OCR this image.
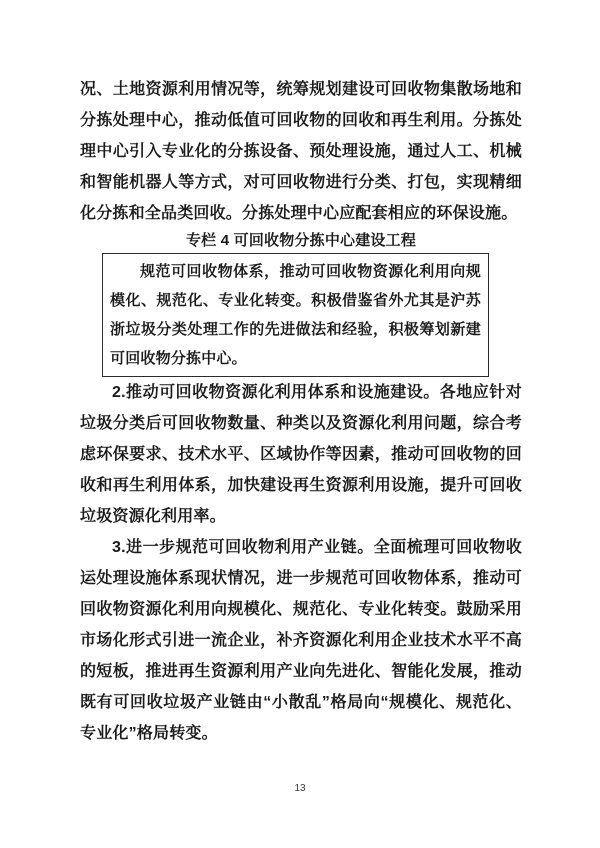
况、土地资源利用情况等，统筹规划建设可回收物集散场地和分拣处理中心，推动低值可回收物的回收和再生利用。分拣处理中心引入专业化的分拣设备、预处理设施，通过人工、机械和智能机器人等方式，对可回收物进行分类、打包，实现精细化分拣和全品类回收。分拣处理中心应配套相应的环保设施。

专栏 4 可回收物分拣中心建设工程

规范可回收物体系，推动可回收物资源化利用向规模化、规范化、专业化转变。积极借鉴省外尤其是沪苏浙垃圾分类处理工作的先进做法和经验，积极筹划新建可回收物分拣中心。

2.推动可回收物资源化利用体系和设施建设。各地应针对垃圾分类后可回收物数量、种类以及资源化利用问题，综合考虑环保要求、技术水平、区域协作等因素，推动可回收物的回收和再生利用体系，加快建设再生资源利用设施，提升可回收垃圾资源化利用率。

3.进一步规范可回收物利用产业链。全面梳理可回收物收运处理设施体系现状情况，进一步规范可回收物体系，推动可回收物资源化利用向规模化、规范化、专业化转变。鼓励采用市场化形式引进一流企业，补齐资源化利用企业技术水平不高的短板，推进再生资源利用产业向先进化、智能化发展，推动既有可回收垃圾产业链由“小散乱”格局向“规模化、规范化、专业化”格局转变。

13
